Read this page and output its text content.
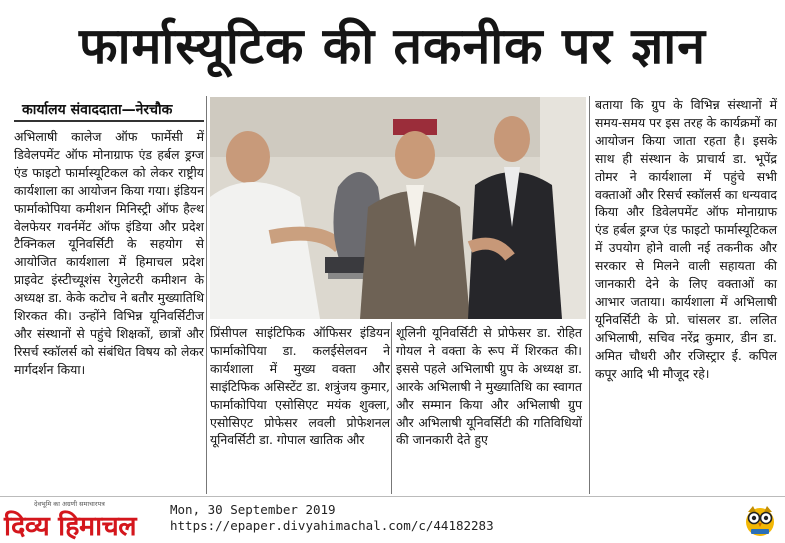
फार्मास्यूटिक की तकनीक पर ज्ञान
कार्यालय संवाददाता—नेरचौक

अभिलाषी कालेज ऑफ फार्मेसी में डिवेलपमेंट ऑफ मोनाग्राफ एंड हर्बल ड्रग्ज एंड फाइटो फार्मास्यूटिकल को लेकर राष्ट्रीय कार्यशाला का आयोजन किया गया। इंडियन फार्माकोपिया कमीशन मिनिस्ट्री ऑफ हैल्थ वेलफेयर गवर्नमेंट ऑफ इंडिया और प्रदेश टैक्निकल यूनिवर्सिटी के सहयोग से आयोजित कार्यशाला में हिमाचल प्रदेश प्राइवेट इंस्टीच्यूशंस रेगुलेटरी कमीशन के अध्यक्ष डा. केके कटोच ने बतौर मुख्यातिथि शिरकत की। उन्होंने विभिन्न यूनिवर्सिटीज और संस्थानों से पहुंचे शिक्षकों, छात्रों और रिसर्च स्कॉलर्स को संबंधित विषय को लेकर मार्गदर्शन किया।

प्रिंसीपल साइंटिफिक ऑफिसर इंडियन फार्माकोपिया डा. कलईसेलवन ने कार्यशाला में मुख्य वक्ता और साइंटिफिक असिस्टेंट डा. शत्रुंजय कुमार, फार्माकोपिया एसोसिएट मयंक शुक्ला, एसोसिएट प्रोफेसर लवली प्रोफेशनल यूनिवर्सिटी डा. गोपाल खातिक और

शूलिनी यूनिवर्सिटी से प्रोफेसर डा. रोहित गोयल ने वक्ता के रूप में शिरकत की। इससे पहले अभिलाषी ग्रुप के अध्यक्ष डा. आरके अभिलाषी ने मुख्यातिथि का स्वागत और सम्मान किया और अभिलाषी ग्रुप और अभिलाषी यूनिवर्सिटी की गतिविधियों की जानकारी देते हुए

बताया कि ग्रुप के विभिन्न संस्थानों में समय-समय पर इस तरह के कार्यक्रमों का आयोजन किया जाता रहता है। इसके साथ ही संस्थान के प्राचार्य डा. भूपेंद्र तोमर ने कार्यशाला में पहुंचे सभी वक्ताओं और रिसर्च स्कॉलर्स का धन्यवाद किया और डिवेलपमेंट ऑफ मोनाग्राफ एंड हर्बल ड्रग्ज एंड फाइटो फार्मास्यूटिकल में उपयोग होने वाली नई तकनीक और सरकार से मिलने वाली सहायता की जानकारी देने के लिए वक्ताओं का आभार जताया। कार्यशाला में अभिलाषी यूनिवर्सिटी के प्रो. चांसलर डा. ललित अभिलाषी, सचिव नरेंद्र कुमार, डीन डा. अमित चौधरी और रजिस्ट्रार ई. कपिल कपूर आदि भी मौजूद रहे।

देवभूमि का अग्रणी समाचारपत्र
दिव्य हिमाचल
Mon, 30 September 2019
https://epaper.divyahimachal.com/c/44182283
